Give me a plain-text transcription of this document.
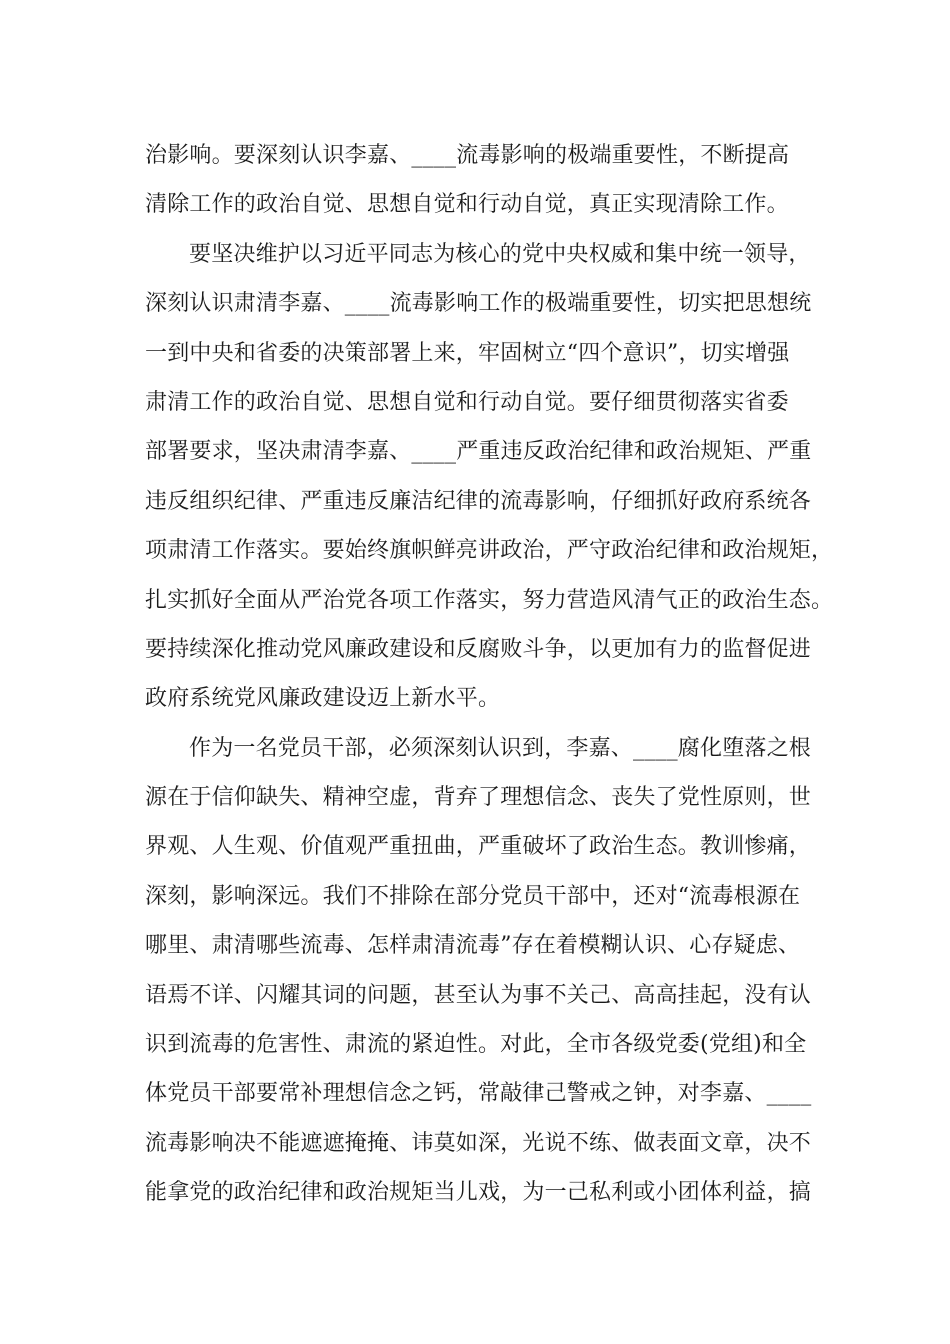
治影响。要深刻认识李嘉、____流毒影响的极端重要性，不断提高
清除工作的政治自觉、思想自觉和行动自觉，真正实现清除工作。
要坚决维护以习近平同志为核心的党中央权威和集中统一领导，
深刻认识肃清李嘉、____流毒影响工作的极端重要性，切实把思想统
一到中央和省委的决策部署上来，牢固树立“四个意识”，切实增强
肃清工作的政治自觉、思想自觉和行动自觉。要仔细贯彻落实省委
部署要求，坚决肃清李嘉、____严重违反政治纪律和政治规矩、严重
违反组织纪律、严重违反廉洁纪律的流毒影响，仔细抓好政府系统各
项肃清工作落实。要始终旗帜鲜亮讲政治，严守政治纪律和政治规矩，
扎实抓好全面从严治党各项工作落实，努力营造风清气正的政治生态。
要持续深化推动党风廉政建设和反腐败斗争，以更加有力的监督促进
政府系统党风廉政建设迈上新水平。
作为一名党员干部，必须深刻认识到，李嘉、____腐化堕落之根
源在于信仰缺失、精神空虚，背弃了理想信念、丧失了党性原则，世
界观、人生观、价值观严重扭曲，严重破坏了政治生态。教训惨痛，
深刻，影响深远。我们不排除在部分党员干部中，还对“流毒根源在
哪里、肃清哪些流毒、怎样肃清流毒”存在着模糊认识、心存疑虑、
语焉不详、闪耀其词的问题，甚至认为事不关己、高高挂起，没有认
识到流毒的危害性、肃流的紧迫性。对此，全市各级党委(党组)和全
体党员干部要常补理想信念之钙，常敲律己警戒之钟，对李嘉、____
流毒影响决不能遮遮掩掩、讳莫如深，光说不练、做表面文章，决不
能拿党的政治纪律和政治规矩当儿戏，为一己私利或小团体利益，搞
